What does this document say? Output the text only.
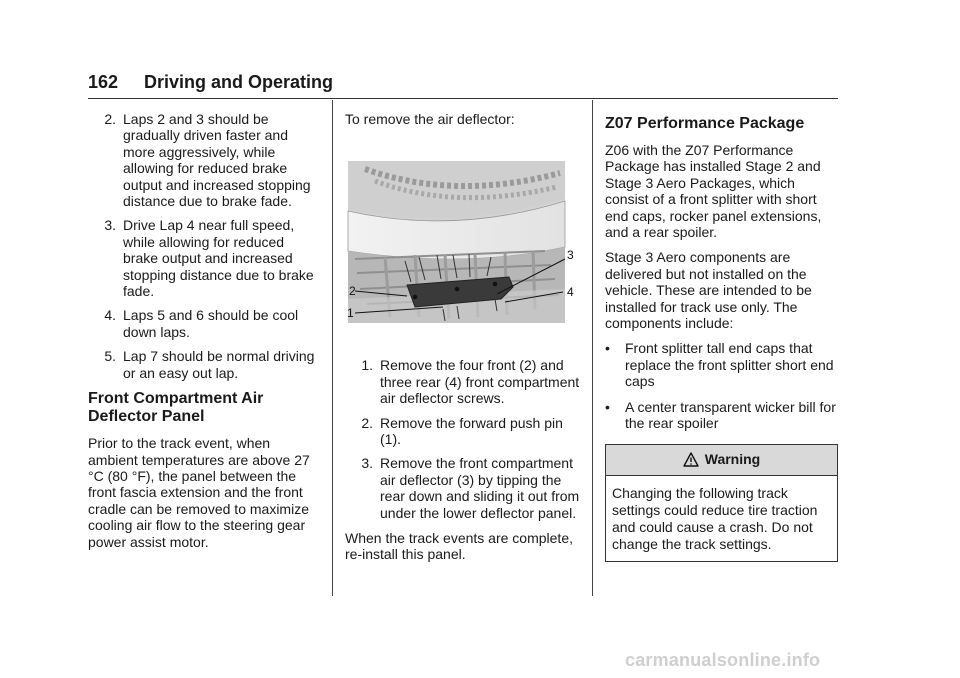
162 Driving and Operating
2. Laps 2 and 3 should be gradually driven faster and more aggressively, while allowing for reduced brake output and increased stopping distance due to brake fade.
3. Drive Lap 4 near full speed, while allowing for reduced brake output and increased stopping distance due to brake fade.
4. Laps 5 and 6 should be cool down laps.
5. Lap 7 should be normal driving or an easy out lap.
Front Compartment Air Deflector Panel

Prior to the track event, when ambient temperatures are above 27 °C (80 °F), the panel between the front fascia extension and the front cradle can be removed to maximize cooling air flow to the steering gear power assist motor.

To remove the air deflector:

1
2
3
4
1. Remove the four front (2) and three rear (4) front compartment air deflector screws.
2. Remove the forward push pin (1).
3. Remove the front compartment air deflector (3) by tipping the rear down and sliding it out from under the lower deflector panel.

When the track events are complete, re-install this panel.

Z07 Performance Package

Z06 with the Z07 Performance Package has installed Stage 2 and Stage 3 Aero Packages, which consist of a front splitter with short end caps, rocker panel extensions, and a rear spoiler.

Stage 3 Aero components are delivered but not installed on the vehicle. These are intended to be installed for track use only. The components include:

•	Front splitter tall end caps that replace the front splitter short end caps
•	A center transparent wicker bill for the rear spoiler
Warning
Changing the following track settings could reduce tire traction and could cause a crash. Do not change the track settings.
carmanualsonline.info
